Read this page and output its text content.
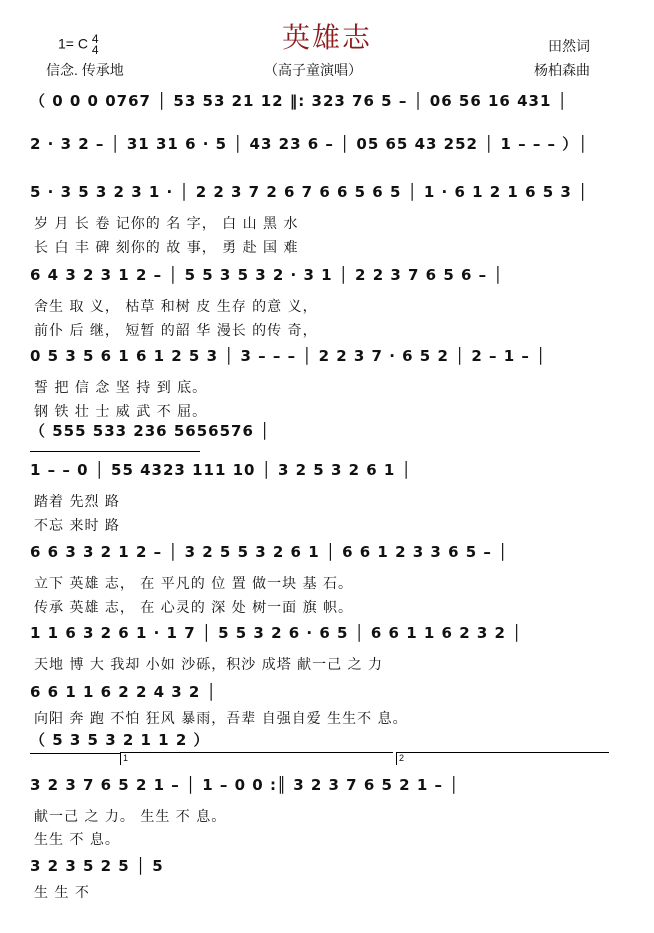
英雄志
1= C 4
4
信念. 传承地	（高子童演唱）
田然词
杨柏森曲
（ 0 0 0 0767 │ 53 53 21 12 ‖: 323 76 5 – │ 06 56 16 431 │
2 · 3 2 – │ 31 31 6 · 5 │ 43 23 6 – │ 05 65 43 252 │ 1 – – – ）│
5 · 3 5 3 2 3 1 · │ 2 2 3 7 2 6 7 6 6 5 6 5 │ 1 · 6 1 2 1 6 5 3 │
岁 月 长 卷 记你的 名 字， 白 山 黑 水
长 白 丰 碑 刻你的 故 事， 勇 赴 国 难
6 4 3 2 3 1 2 – │ 5 5 3 5 3 2 · 3 1 │ 2 2 3 7 6 5 6 – │
舍生 取 义， 枯草 和树 皮 生存 的意 义，
前仆 后 继， 短暂 的韶 华 漫长 的传 奇，
0 5 3 5 6 1 6 1 2 5 3 │ 3 – – – │ 2 2 3 7 · 6 5 2 │ 2 – 1 – │
誓 把 信 念 坚 持 到 底。
钢 铁 壮 士 威 武 不 屈。
（ 555 533 236 5656576 │
1 – – 0 │ 55 4323 111 10 │ 3 2 5 3 2 6 1 │
踏着 先烈 路
不忘 来时 路
6 6 3 3 2 1 2 – │ 3 2 5 5 3 2 6 1 │ 6 6 1 2 3 3 6 5 – │
立下 英雄 志， 在 平凡的 位 置 做一块 基 石。
传承 英雄 志， 在 心灵的 深 处 树一面 旗 帜。
1 1 6 3 2 6 1 · 1 7 │ 5 5 3 2 6 · 6 5 │ 6 6 1 1 6 2 3 2 │
天地 博 大 我却 小如 沙砾，积沙 成塔 献一己 之 力
6 6 1 1 6 2 2 4 3 2 │
向阳 奔 跑 不怕 狂风 暴雨，吾辈 自强自爱 生生不 息。
（ 5 3 5 3 2 1 1 2 ）
3 2 3 7 6 5 2 1 – │ 1 – 0 0 :║ 3 2 3 7 6 5 2 1 – │
献一己 之 力。 生生 不 息。
生生 不 息。
3 2 3 5 2 5 │ 5
生 生 不
1	2
